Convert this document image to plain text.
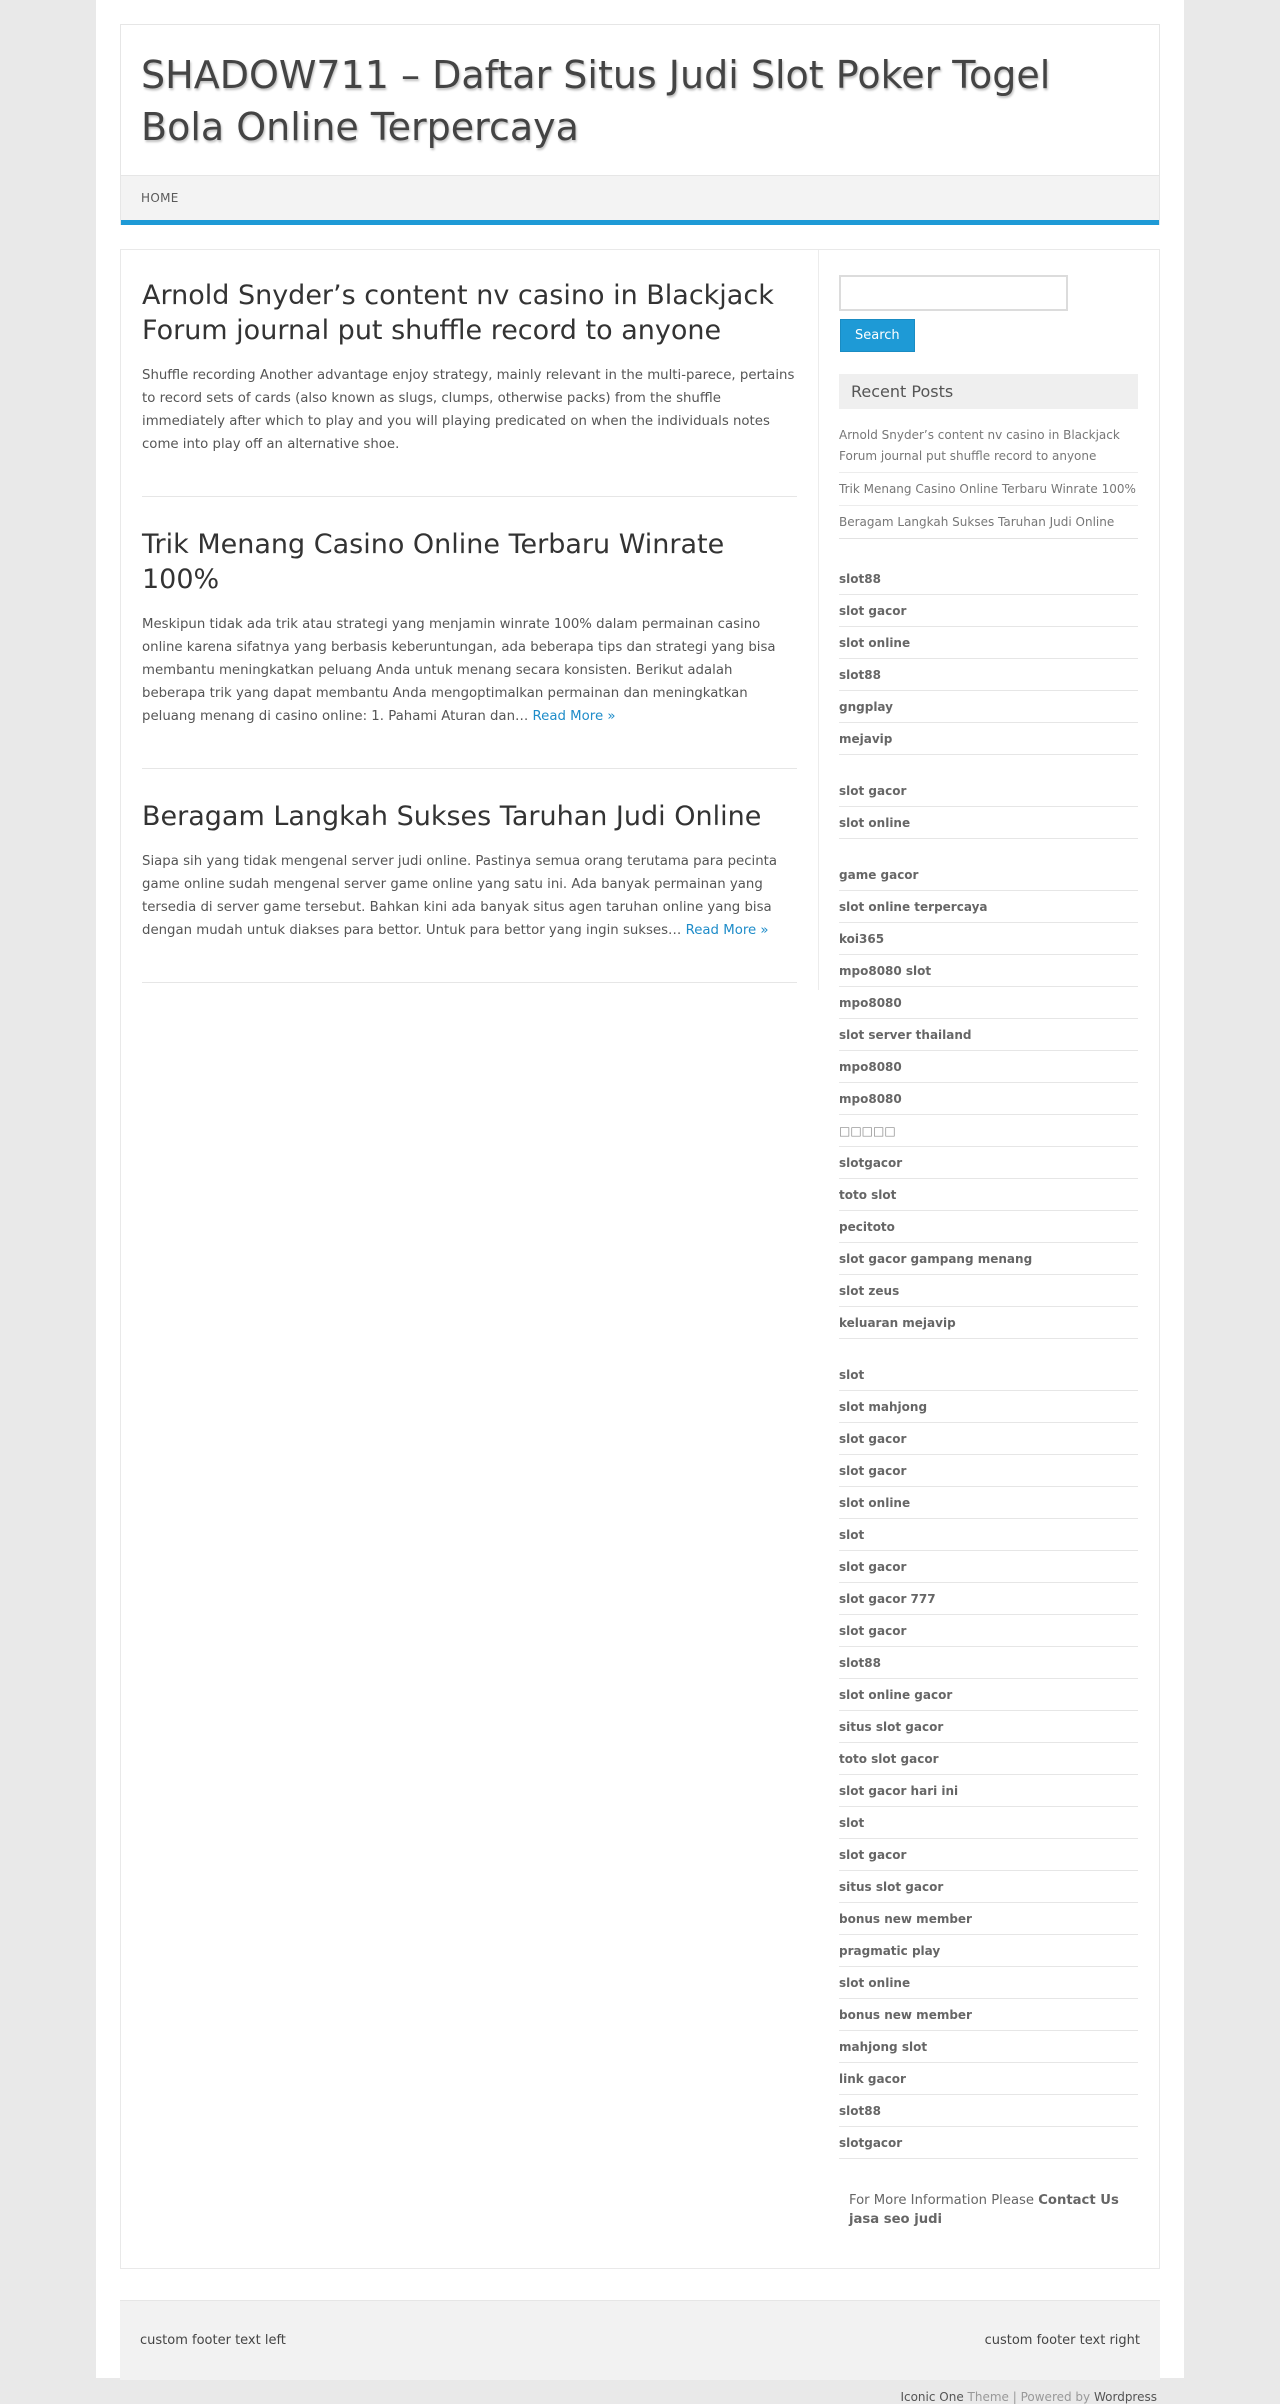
SHADOW711 – Daftar Situs Judi Slot Poker Togel Bola Online Terpercaya
HOME
Arnold Snyder’s content nv casino in Blackjack Forum journal put shuffle record to anyone

Shuffle recording Another advantage enjoy strategy, mainly relevant in the multi-parece, pertains to record sets of cards (also known as slugs, clumps, otherwise packs) from the shuffle immediately after which to play and you will playing predicated on when the individuals notes come into play off an alternative shoe.

Trik Menang Casino Online Terbaru Winrate 100%

Meskipun tidak ada trik atau strategi yang menjamin winrate 100% dalam permainan casino online karena sifatnya yang berbasis keberuntungan, ada beberapa tips dan strategi yang bisa membantu meningkatkan peluang Anda untuk menang secara konsisten. Berikut adalah beberapa trik yang dapat membantu Anda mengoptimalkan permainan dan meningkatkan peluang menang di casino online: 1. Pahami Aturan dan… Read More »

Beragam Langkah Sukses Taruhan Judi Online

Siapa sih yang tidak mengenal server judi online. Pastinya semua orang terutama para pecinta game online sudah mengenal server game online yang satu ini. Ada banyak permainan yang tersedia di server game tersebut. Bahkan kini ada banyak situs agen taruhan online yang bisa dengan mudah untuk diakses para bettor. Untuk para bettor yang ingin sukses… Read More »

Search
Recent Posts
Arnold Snyder’s content nv casino in Blackjack Forum journal put shuffle record to anyone
Trik Menang Casino Online Terbaru Winrate 100%
Beragam Langkah Sukses Taruhan Judi Online
slot88
slot gacor
slot online
slot88
gngplay
mejavip
slot gacor
slot online
game gacor
slot online terpercaya
koi365
mpo8080 slot
mpo8080
slot server thailand
mpo8080
mpo8080
□□□□□
slotgacor
toto slot
pecitoto
slot gacor gampang menang
slot zeus
keluaran mejavip
slot
slot mahjong
slot gacor
slot gacor
slot online
slot
slot gacor
slot gacor 777
slot gacor
slot88
slot online gacor
situs slot gacor
toto slot gacor
slot gacor hari ini
slot
slot gacor
situs slot gacor
bonus new member
pragmatic play
slot online
bonus new member
mahjong slot
link gacor
slot88
slotgacor
For More Information Please Contact Us
jasa seo judi
custom footer text left	custom footer text right
Iconic One Theme | Powered by Wordpress
